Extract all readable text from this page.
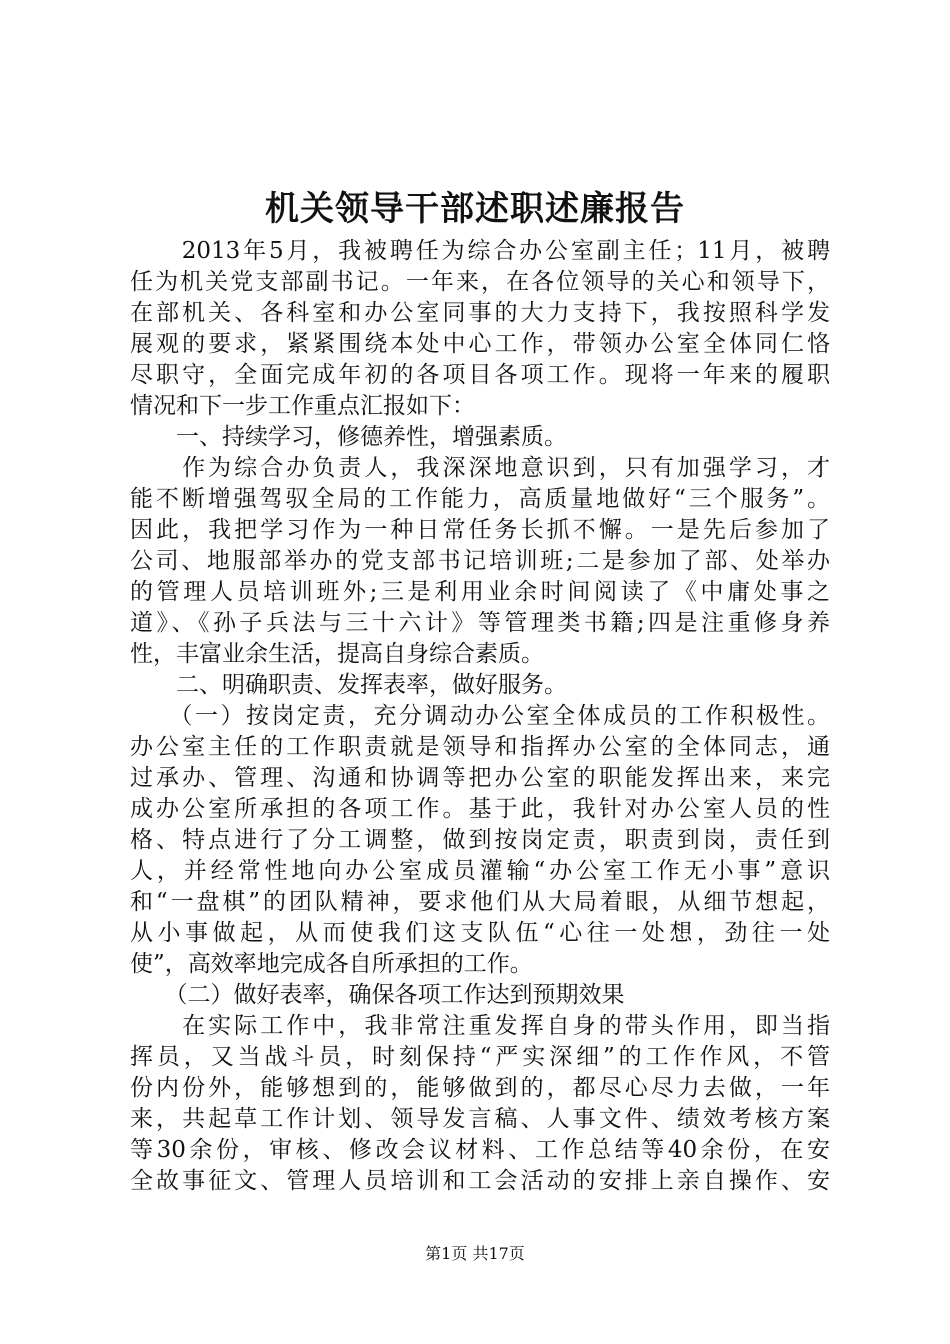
机关领导干部述职述廉报告
　　2013年5月，我被聘任为综合办公室副主任；11月，被聘
任为机关党支部副书记。一年来，在各位领导的关心和领导下，
在部机关、各科室和办公室同事的大力支持下，我按照科学发
展观的要求，紧紧围绕本处中心工作，带领办公室全体同仁恪
尽职守，全面完成年初的各项目各项工作。现将一年来的履职
情况和下一步工作重点汇报如下：
　　一、持续学习，修德养性，增强素质。
　　作为综合办负责人，我深深地意识到，只有加强学习，才
能不断增强驾驭全局的工作能力，高质量地做好“三个服务”。
因此，我把学习作为一种日常任务长抓不懈。一是先后参加了
公司、地服部举办的党支部书记培训班;二是参加了部、处举办
的管理人员培训班外;三是利用业余时间阅读了《中庸处事之
道》、《孙子兵法与三十六计》等管理类书籍;四是注重修身养
性，丰富业余生活，提高自身综合素质。
　　二、明确职责、发挥表率，做好服务。
　　（一）按岗定责，充分调动办公室全体成员的工作积极性。
办公室主任的工作职责就是领导和指挥办公室的全体同志，通
过承办、管理、沟通和协调等把办公室的职能发挥出来，来完
成办公室所承担的各项工作。基于此，我针对办公室人员的性
格、特点进行了分工调整，做到按岗定责，职责到岗，责任到
人，并经常性地向办公室成员灌输“办公室工作无小事”意识
和“一盘棋”的团队精神，要求他们从大局着眼，从细节想起，
从小事做起，从而使我们这支队伍“心往一处想，劲往一处
使”，高效率地完成各自所承担的工作。
　　（二）做好表率，确保各项工作达到预期效果
　　在实际工作中，我非常注重发挥自身的带头作用，即当指
挥员，又当战斗员，时刻保持“严实深细”的工作作风，不管
份内份外，能够想到的，能够做到的，都尽心尽力去做，一年
来，共起草工作计划、领导发言稿、人事文件、绩效考核方案
等30余份，审核、修改会议材料、工作总结等40余份，在安
全故事征文、管理人员培训和工会活动的安排上亲自操作、安
第1页 共17页
